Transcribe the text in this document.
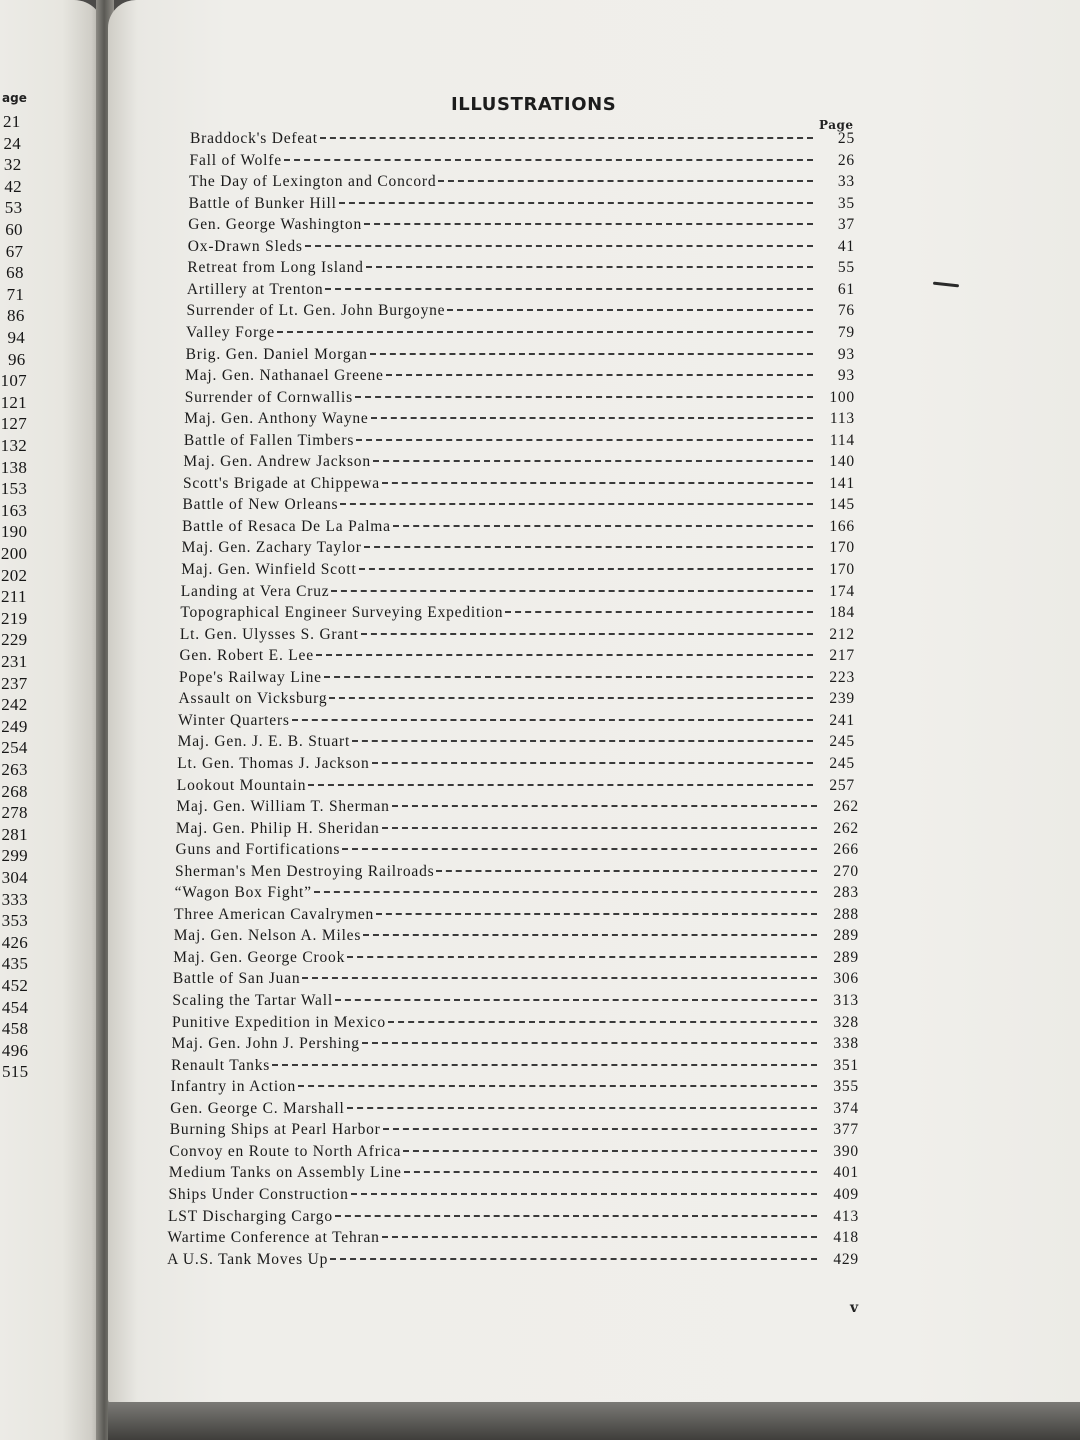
age
21
24
32
42
53
60
67
68
71
86
94
96
107
121
127
132
138
153
163
190
200
202
211
219
229
231
237
242
249
254
263
268
278
281
299
304
333
353
426
435
452
454
458
496
515
ILLUSTRATIONS
Page
Braddock's Defeat	25
Fall of Wolfe	26
The Day of Lexington and Concord	33
Battle of Bunker Hill	35
Gen. George Washington	37
Ox-Drawn Sleds	41
Retreat from Long Island	55
Artillery at Trenton	61
Surrender of Lt. Gen. John Burgoyne	76
Valley Forge	79
Brig. Gen. Daniel Morgan	93
Maj. Gen. Nathanael Greene	93
Surrender of Cornwallis	100
Maj. Gen. Anthony Wayne	113
Battle of Fallen Timbers	114
Maj. Gen. Andrew Jackson	140
Scott's Brigade at Chippewa	141
Battle of New Orleans	145
Battle of Resaca De La Palma	166
Maj. Gen. Zachary Taylor	170
Maj. Gen. Winfield Scott	170
Landing at Vera Cruz	174
Topographical Engineer Surveying Expedition	184
Lt. Gen. Ulysses S. Grant	212
Gen. Robert E. Lee	217
Pope's Railway Line	223
Assault on Vicksburg	239
Winter Quarters	241
Maj. Gen. J. E. B. Stuart	245
Lt. Gen. Thomas J. Jackson	245
Lookout Mountain	257
Maj. Gen. William T. Sherman	262
Maj. Gen. Philip H. Sheridan	262
Guns and Fortifications	266
Sherman's Men Destroying Railroads	270
“Wagon Box Fight”	283
Three American Cavalrymen	288
Maj. Gen. Nelson A. Miles	289
Maj. Gen. George Crook	289
Battle of San Juan	306
Scaling the Tartar Wall	313
Punitive Expedition in Mexico	328
Maj. Gen. John J. Pershing	338
Renault Tanks	351
Infantry in Action	355
Gen. George C. Marshall	374
Burning Ships at Pearl Harbor	377
Convoy en Route to North Africa	390
Medium Tanks on Assembly Line	401
Ships Under Construction	409
LST Discharging Cargo	413
Wartime Conference at Tehran	418
A U.S. Tank Moves Up	429
v
